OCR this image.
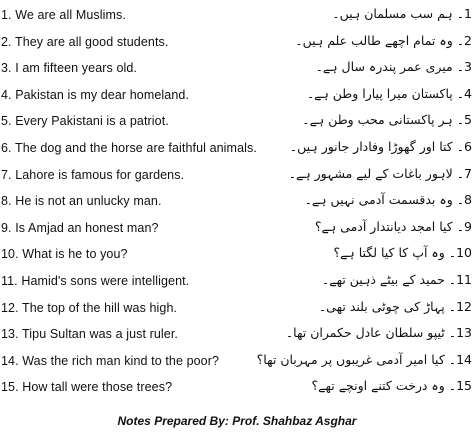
1. We are all Muslims.	1۔ ہم سب مسلمان ہیں۔
2. They are all good students.	2۔ وہ تمام اچھے طالب علم ہیں۔
3. I am fifteen years old.	3۔ میری عمر پندرہ سال ہے۔
4. Pakistan is my dear homeland.	4۔ پاکستان میرا پیارا وطن ہے۔
5. Every Pakistani is a patriot.	5۔ ہر پاکستانی محب وطن ہے۔
6. The dog and the horse are faithful animals.	6۔ کتا اور گھوڑا وفادار جانور ہیں۔
7. Lahore is famous for gardens.	7۔ لاہور باغات کے لیے مشہور ہے۔
8. He is not an unlucky man.	8۔ وہ بدقسمت آدمی نہیں ہے۔
9. Is Amjad an honest man?	9۔ کیا امجد دیانتدار آدمی ہے؟
10. What is he to you?	10۔ وہ آپ کا کیا لگتا ہے؟
11. Hamid's sons were intelligent.	11۔ حمید کے بیٹے ذہین تھے۔
12. The top of the hill was high.	12۔ پہاڑ کی چوٹی بلند تھی۔
13. Tipu Sultan was a just ruler.	13۔ ٹیپو سلطان عادل حکمران تھا۔
14. Was the rich man kind to the poor?	14۔ کیا امیر آدمی غریبوں پر مہربان تھا؟
15. How tall were those trees?	15۔ وہ درخت کتنے اونچے تھے؟
Notes Prepared By: Prof. Shahbaz Asghar
